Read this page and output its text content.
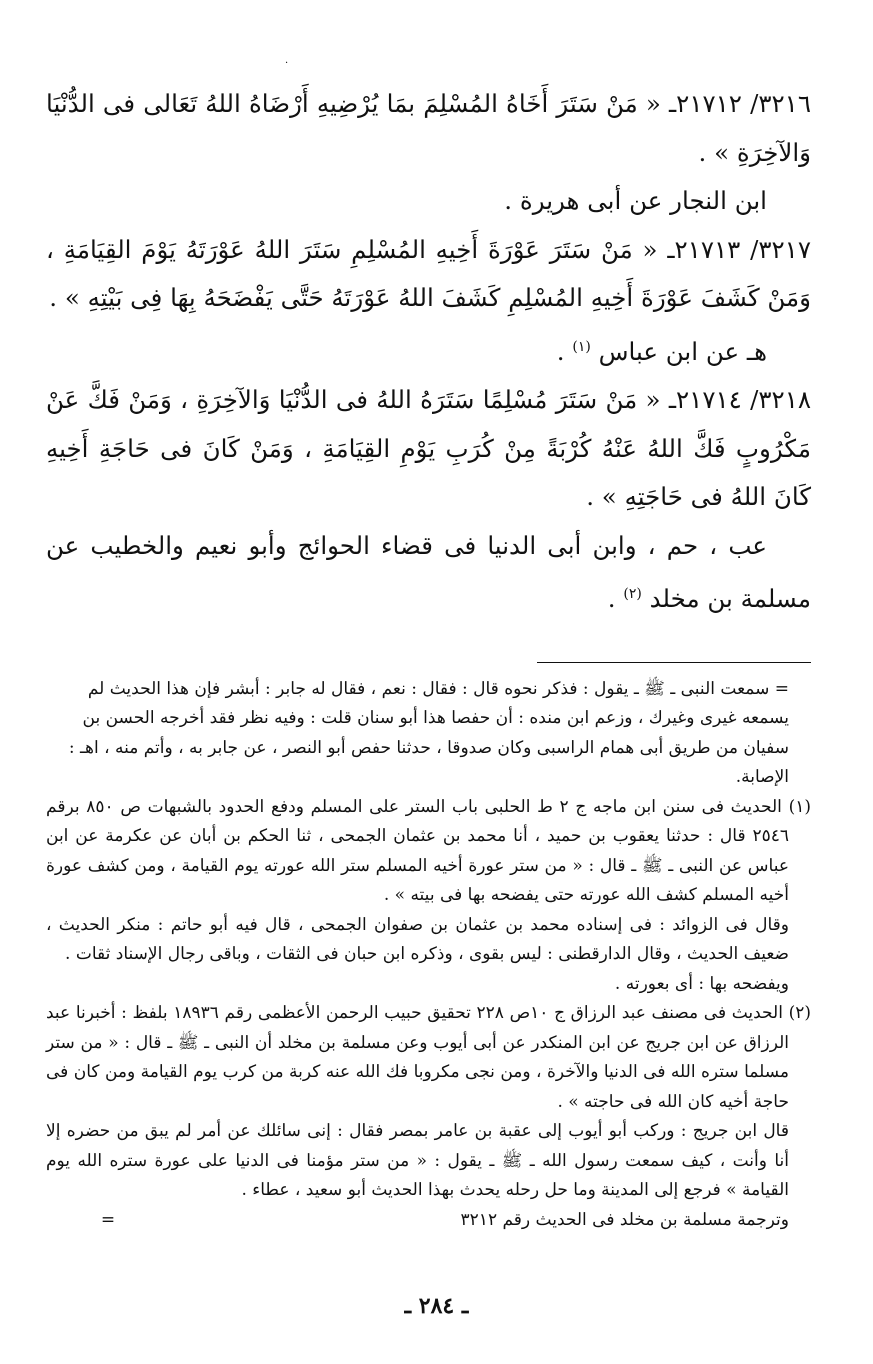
·

٣٢١٦/ ٢١٧١٢ـ « مَنْ سَتَرَ أَخَاهُ المُسْلِمَ بمَا يُرْضِيهِ أَرْضَاهُ اللهُ تَعَالى فى الدُّنْيَا وَالآخِرَةِ » .

ابن النجار عن أبى هريرة .

٣٢١٧/ ٢١٧١٣ـ « مَنْ سَتَرَ عَوْرَةَ أَخِيهِ المُسْلِمِ سَتَرَ اللهُ عَوْرَتَهُ يَوْمَ القِيَامَةِ ، وَمَنْ كَشَفَ عَوْرَةَ أَخِيهِ المُسْلِمِ كَشَفَ اللهُ عَوْرَتَهُ حَتَّى يَفْضَحَهُ بِهَا فِى بَيْتِهِ » .

هـ عن ابن عباس $^{(١)}$ .

٣٢١٨/ ٢١٧١٤ـ « مَنْ سَتَرَ مُسْلِمًا سَتَرَهُ اللهُ فى الدُّنْيَا وَالآخِرَةِ ، وَمَنْ فَكَّ عَنْ مَكْرُوبٍ فَكَّ اللهُ عَنْهُ كُرْبَةً مِنْ كُرَبِ يَوْمِ القِيَامَةِ ، وَمَنْ كَانَ فى حَاجَةِ أَخِيهِ كَانَ اللهُ فى حَاجَتِهِ » .

عب ، حم ، وابن أبى الدنيا فى قضاء الحوائج وأبو نعيم والخطيب عن مسلمة بن مخلد $^{(٢)}$ .

= سمعت النبى ـ ﷺ ـ يقول : فذكر نحوه قال : فقال : نعم ، فقال له جابر : أبشر فإن هذا الحديث لم يسمعه غيرى وغيرك ، وزعم ابن منده : أن حفصا هذا أبو سنان قلت : وفيه نظر فقد أخرجه الحسن بن سفيان من طريق أبى همام الراسبى وكان صدوقا ، حدثنا حفص أبو النصر ، عن جابر به ، وأتم منه ، اهـ : الإصابة.

(١) الحديث فى سنن ابن ماجه ج ٢ ط الحلبى باب الستر على المسلم ودفع الحدود بالشبهات ص ٨٥٠ برقم ٢٥٤٦ قال : حدثنا يعقوب بن حميد ، أنا محمد بن عثمان الجمحى ، ثنا الحكم بن أبان عن عكرمة عن ابن عباس عن النبى ـ ﷺ ـ قال : « من ستر عورة أخيه المسلم ستر الله عورته يوم القيامة ، ومن كشف عورة أخيه المسلم كشف الله عورته حتى يفضحه بها فى بيته » .

وقال فى الزوائد : فى إسناده محمد بن عثمان بن صفوان الجمحى ، قال فيه أبو حاتم : منكر الحديث ، ضعيف الحديث ، وقال الدارقطنى : ليس بقوى ، وذكره ابن حبان فى الثقات ، وباقى رجال الإسناد ثقات .

ويفضحه بها : أى بعورته .

(٢) الحديث فى مصنف عبد الرزاق ج ١٠ص ٢٢٨ تحقيق حبيب الرحمن الأعظمى رقم ١٨٩٣٦ بلفظ : أخبرنا عبد الرزاق عن ابن جريج عن ابن المنكدر عن أبى أيوب وعن مسلمة بن مخلد أن النبى ـ ﷺ ـ قال : « من ستر مسلما ستره الله فى الدنيا والآخرة ، ومن نجى مكروبا فك الله عنه كربة من كرب يوم القيامة ومن كان فى حاجة أخيه كان الله فى حاجته » .

قال ابن جريج : وركب أبو أيوب إلى عقبة بن عامر بمصر فقال : إنى سائلك عن أمر لم يبق من حضره إلا أنا وأنت ، كيف سمعت رسول الله ـ ﷺ ـ يقول : « من ستر مؤمنا فى الدنيا على عورة ستره الله يوم القيامة » فرجع إلى المدينة وما حل رحله يحدث بهذا الحديث أبو سعيد ، عطاء .

وترجمة مسلمة بن مخلد فى الحديث رقم ٣٢١٢ =

ـ ٢٨٤ ـ
